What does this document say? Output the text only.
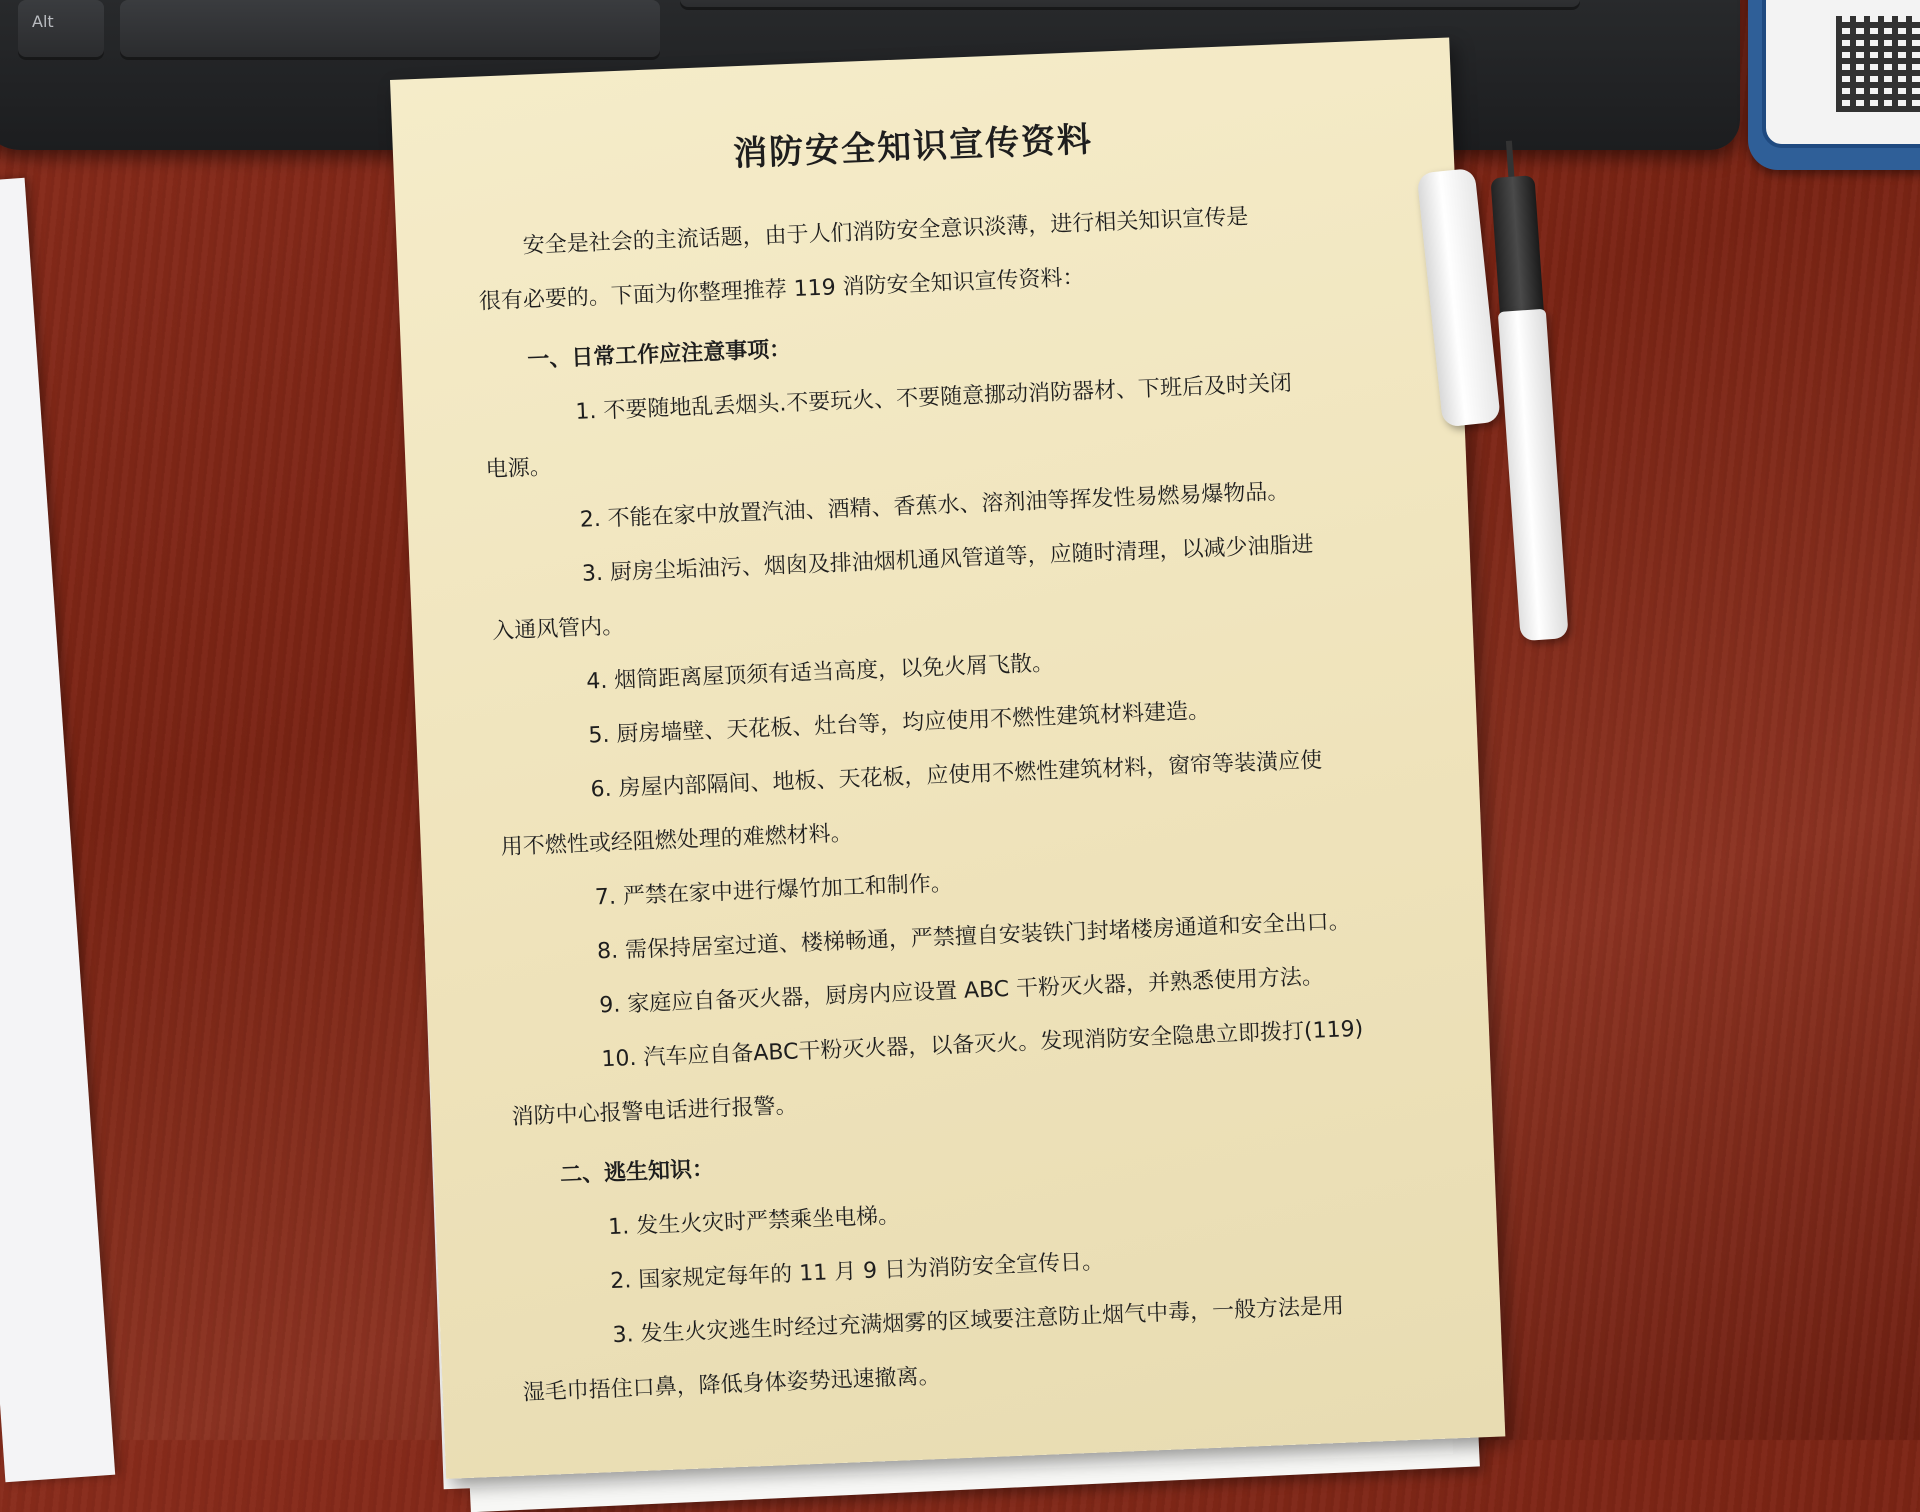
Alt
消防安全知识宣传资料

安全是社会的主流话题，由于人们消防安全意识淡薄，进行相关知识宣传是

很有必要的。下面为你整理推荐 119 消防安全知识宣传资料：

一、日常工作应注意事项：

1. 不要随地乱丢烟头.不要玩火、不要随意挪动消防器材、下班后及时关闭

电源。

2. 不能在家中放置汽油、酒精、香蕉水、溶剂油等挥发性易燃易爆物品。

3. 厨房尘垢油污、烟囱及排油烟机通风管道等，应随时清理，以减少油脂进

入通风管内。

4. 烟筒距离屋顶须有适当高度，以免火屑飞散。

5. 厨房墙壁、天花板、灶台等，均应使用不燃性建筑材料建造。

6. 房屋内部隔间、地板、天花板，应使用不燃性建筑材料，窗帘等装潢应使

用不燃性或经阻燃处理的难燃材料。

7. 严禁在家中进行爆竹加工和制作。

8. 需保持居室过道、楼梯畅通，严禁擅自安装铁门封堵楼房通道和安全出口。

9. 家庭应自备灭火器，厨房内应设置 ABC 干粉灭火器，并熟悉使用方法。

10. 汽车应自备ABC干粉灭火器，以备灭火。发现消防安全隐患立即拨打(119)

消防中心报警电话进行报警。

二、逃生知识：

1. 发生火灾时严禁乘坐电梯。

2. 国家规定每年的 11 月 9 日为消防安全宣传日。

3. 发生火灾逃生时经过充满烟雾的区域要注意防止烟气中毒，一般方法是用

湿毛巾捂住口鼻，降低身体姿势迅速撤离。
